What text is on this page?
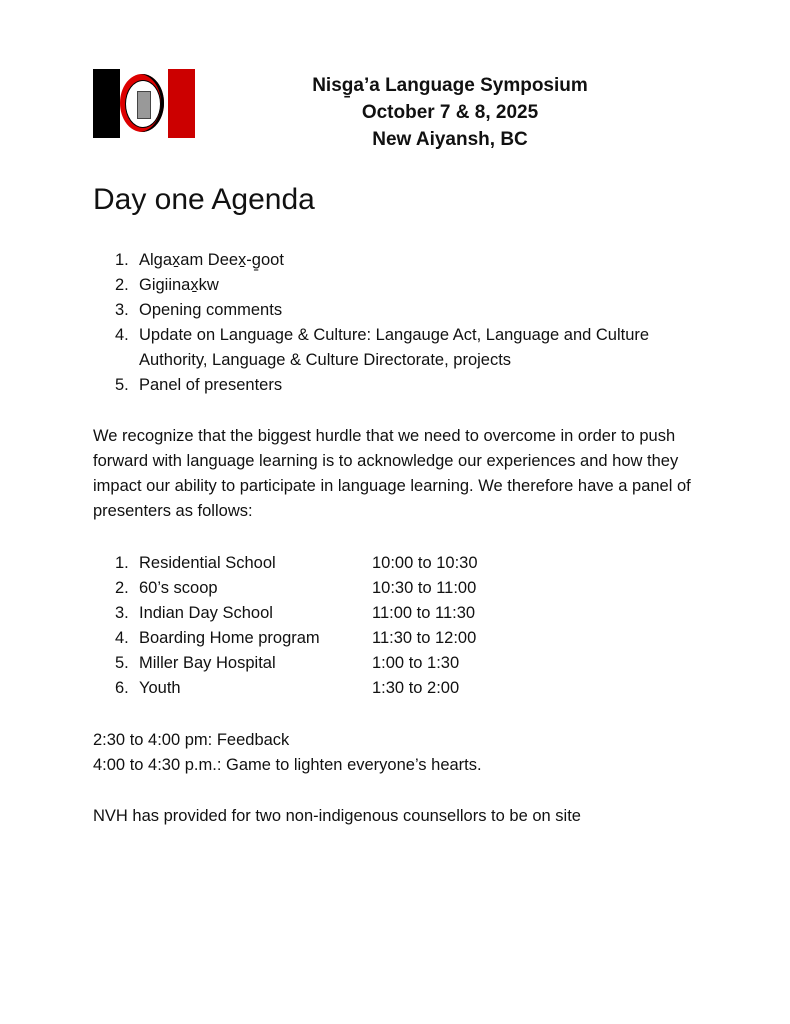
Nisg̱a’a Language Symposium
October 7 & 8, 2025
New Aiyansh, BC
Day one Agenda
1. Algax̱am Deex̱-g̱oot
2. Gigiinax̱kw
3. Opening comments
4. Update on Language & Culture: Langauge Act, Language and Culture Authority, Language & Culture Directorate, projects
5. Panel of presenters
We recognize that the biggest hurdle that we need to overcome in order to push forward with language learning is to acknowledge our experiences and how they impact our ability to participate in language learning. We therefore have a panel of presenters as follows:
1. Residential School	10:00 to 10:30
2. 60’s scoop	10:30 to 11:00
3. Indian Day School	11:00 to 11:30
4. Boarding Home program	11:30 to 12:00
5. Miller Bay Hospital	1:00 to 1:30
6. Youth	1:30 to 2:00
2:30 to 4:00 pm: Feedback
4:00 to 4:30 p.m.: Game to lighten everyone’s hearts.
NVH has provided for two non-indigenous counsellors to be on site
